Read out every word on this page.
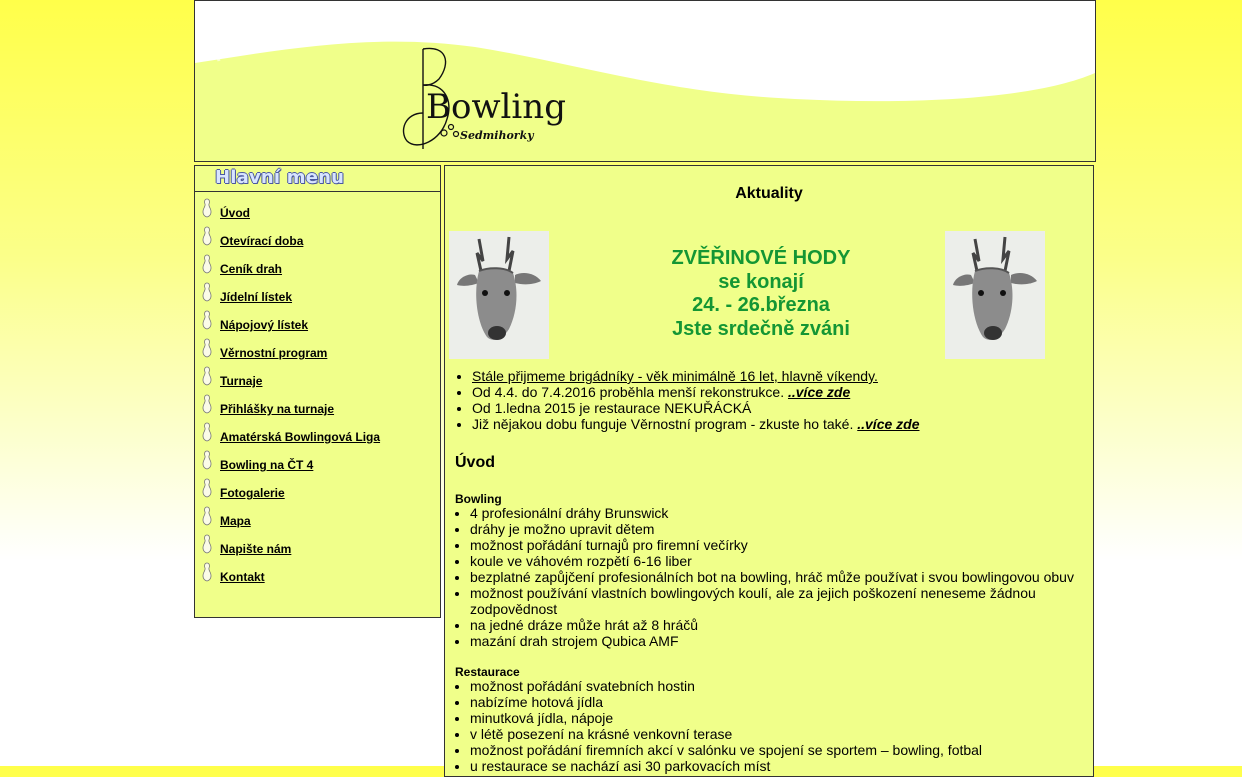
Bowling
Sedmihorky
Hlavní menu
Úvod
Otevírací doba
Ceník drah
Jídelní lístek
Nápojový lístek
Věrnostní program
Turnaje
Přihlášky na turnaje
Amatérská Bowlingová Liga
Bowling na ČT 4
Fotogalerie
Mapa
Napište nám
Kontakt
Aktuality
ZVĚŘINOVÉ HODY
se konají
24. - 26.března
Jste srdečně zváni
• Stále přijmeme brigádníky - věk minimálně 16 let, hlavně víkendy.
• Od 4.4. do 7.4.2016 proběhla menší rekonstrukce. ..více zde
• Od 1.ledna 2015 je restaurace NEKUŘÁCKÁ
• Již nějakou dobu funguje Věrnostní program - zkuste ho také. ..více zde
Úvod
Bowling
• 4 profesionální dráhy Brunswick
• dráhy je možno upravit dětem
• možnost pořádání turnajů pro firemní večírky
• koule ve váhovém rozpětí 6-16 liber
• bezplatné zapůjčení profesionálních bot na bowling, hráč může používat i svou bowlingovou obuv
• možnost používání vlastních bowlingových koulí, ale za jejich poškození neneseme žádnou zodpovědnost
• na jedné dráze může hrát až 8 hráčů
• mazání drah strojem Qubica AMF
Restaurace
• možnost pořádání svatebních hostin
• nabízíme hotová jídla
• minutková jídla, nápoje
• v létě posezení na krásné venkovní terase
• možnost pořádání firemních akcí v salónku ve spojení se sportem – bowling, fotbal
• u restaurace se nachází asi 30 parkovacích míst
